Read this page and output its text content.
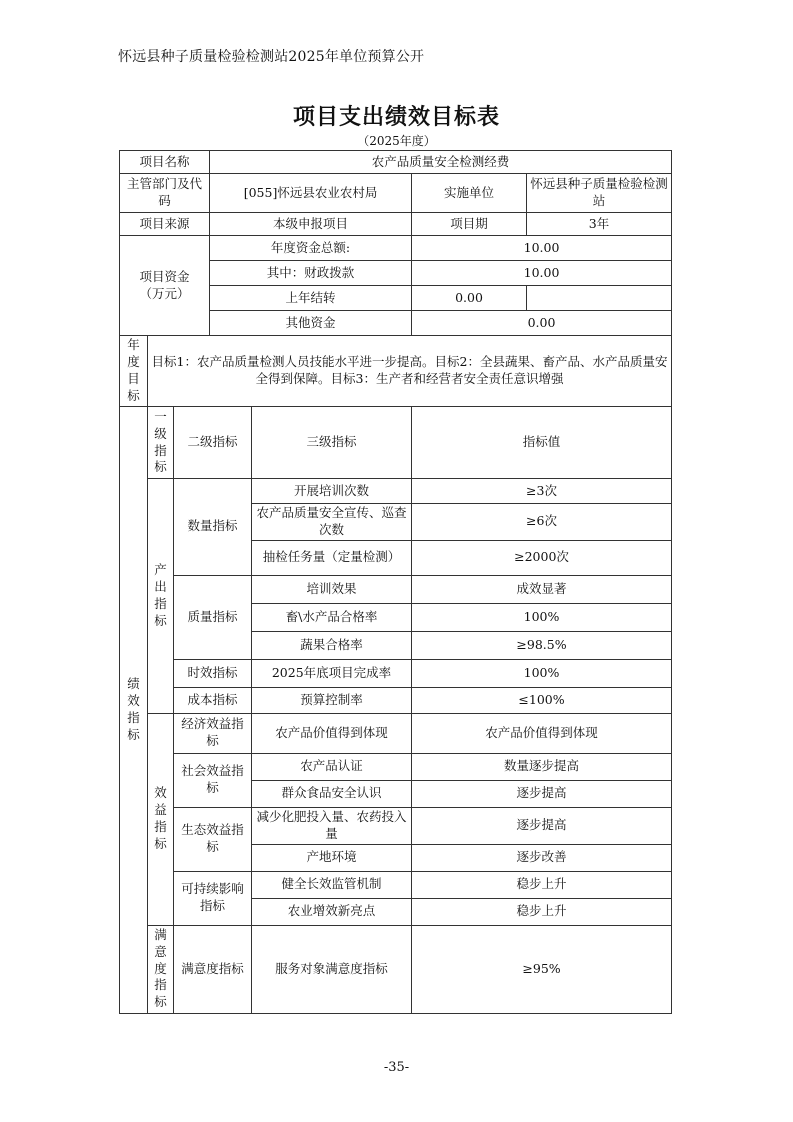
怀远县种子质量检验检测站2025年单位预算公开
项目支出绩效目标表
（2025年度）
项目名称			农产品质量安全检测经费			
主管部门及代码			[055]怀远县农业农村局		实施单位	怀远县种子质量检验检测站
项目来源			本级申报项目		项目期	3年
项目资金（万元）			年度资金总额:		10.00	
			其中：财政拨款		10.00	
			上年结转		0.00	
			其他资金		0.00	
年度目标	目标1：农产品质量检测人员技能水平进一步提高。目标2：全县蔬果、畜产品、水产品质量安全得到保障。目标3：生产者和经营者安全责任意识增强					
绩效指标	一级指标	二级指标		三级指标	指标值	
	产出指标	数量指标		开展培训次数	≥3次	
				农产品质量安全宣传、巡查次数	≥6次	
				抽检任务量（定量检测）	≥2000次	
		质量指标		培训效果	成效显著	
				畜\水产品合格率	100%	
				蔬果合格率	≥98.5%	
		时效指标		2025年底项目完成率	100%	
		成本指标		预算控制率	≤100%	
	效益指标	经济效益指标		农产品价值得到体现	农产品价值得到体现	
		社会效益指标		农产品认证	数量逐步提高	
				群众食品安全认识	逐步提高	
		生态效益指标		减少化肥投入量、农药投入量	逐步提高	
				产地环境	逐步改善	
		可持续影响指标		健全长效监管机制	稳步上升	
				农业增效新亮点	稳步上升	
	满意度指标	满意度指标		服务对象满意度指标	≥95%	
-35-
